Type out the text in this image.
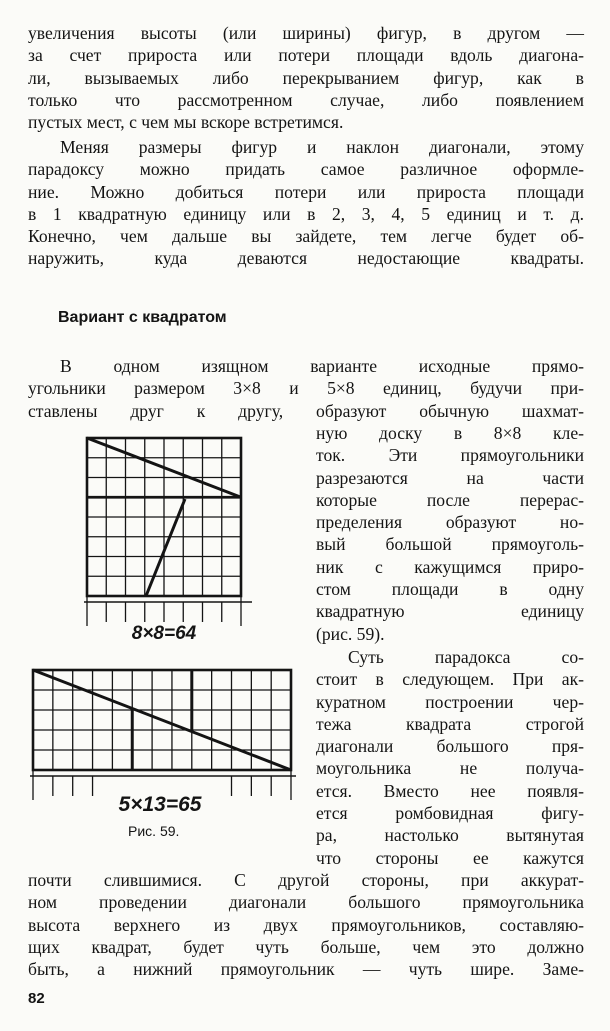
увеличения высоты (или ширины) фигур, в другом —
за счет прироста или потери площади вдоль диагона-
ли, вызываемых либо перекрыванием фигур, как в
только что рассмотренном случае, либо появлением
пустых мест, с чем мы вскоре встретимся.
Меняя размеры фигур и наклон диагонали, этому
парадоксу можно придать самое различное оформле-
ние. Можно добиться потери или прироста площади
в 1 квадратную единицу или в 2, 3, 4, 5 единиц и т. д.
Конечно, чем дальше вы зайдете, тем легче будет об-
наружить, куда деваются недостающие квадраты.
Вариант с квадратом
В одном изящном варианте исходные прямо-
угольники размером 3×8 и 5×8 единиц, будучи при-
ставлены друг к другу, образуют обычную шахмат-
ную доску в 8×8 кле-
ток. Эти прямоугольники
разрезаются на части
которые после перерас-
пределения образуют но-
вый большой прямоуголь-
ник с кажущимся приро-
стом площади в одну
квадратную единицу
(рис. 59).
Суть парадокса со-
стоит в следующем. При ак-
куратном построении чер-
тежа квадрата строгой
диагонали большого пря-
моугольника не получа-
ется. Вместо нее появля-
ется ромбовидная фигу-
ра, настолько вытянутая
что стороны ее кажутся
почти слившимися. С другой стороны, при аккурат-
ном проведении диагонали большого прямоугольника
высота верхнего из двух прямоугольников, составляю-
щих квадрат, будет чуть больше, чем это должно
быть, а нижний прямоугольник — чуть шире. Заме-
8×8=64
5×13=65
Рис. 59.
82
